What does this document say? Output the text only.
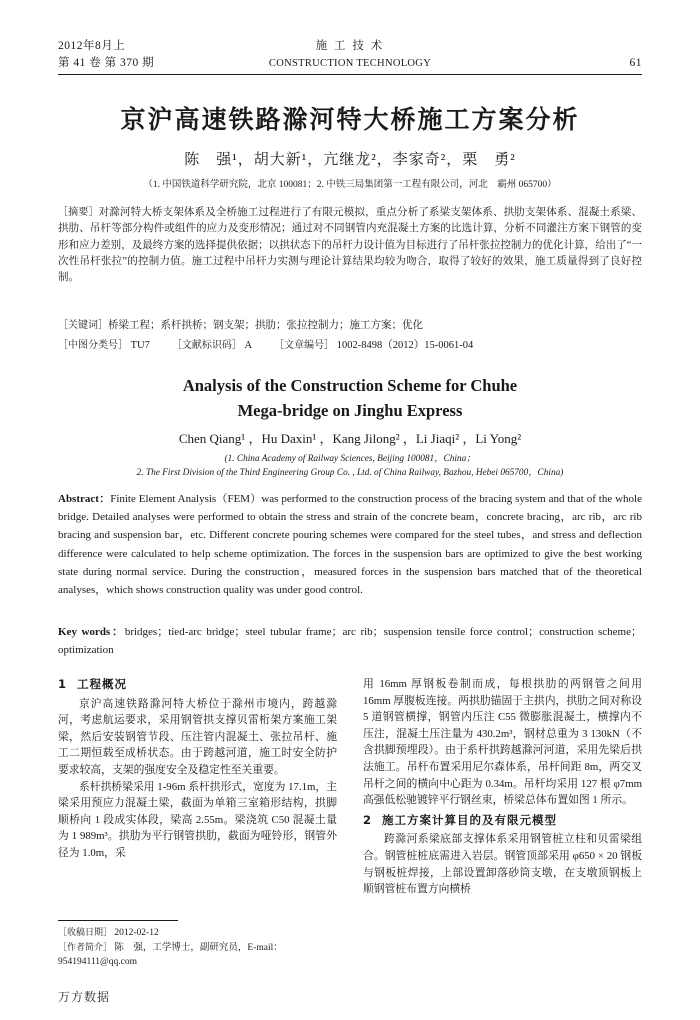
2012年8月上	施 工 技 术
第 41 卷 第 370 期	CONSTRUCTION TECHNOLOGY	61
京沪高速铁路滁河特大桥施工方案分析
陈　强¹，胡大新¹，亢继龙²，李家奇²，栗　勇²
（1. 中国铁道科学研究院，北京 100081；2. 中铁三局集团第一工程有限公司，河北　霸州 065700）

［摘要］对滁河特大桥支架体系及全桥施工过程进行了有限元模拟，重点分析了系梁支架体系、拱肋支架体系、混凝土系梁、拱肋、吊杆等部分构件或组件的应力及变形情况；通过对不同钢管内充混凝土方案的比选计算，分析不同灌注方案下钢管的变形和应力差别，及最终方案的选择提供依据；以拱状态下的吊杆力设计值为目标进行了吊杆张拉控制力的优化计算，给出了“一次性吊杆张拉”的控制力值。施工过程中吊杆力实测与理论计算结果均较为吻合，取得了较好的效果，施工质量得到了良好控制。

［关键词］桥梁工程；系杆拱桥；钢支架；拱肋；张拉控制力；施工方案；优化
［中图分类号］ TU7 ［文献标识码］ A ［文章编号］ 1002-8498（2012）15-0061-04
Analysis of the Construction Scheme for Chuhe
Mega-bridge on Jinghu Express
Chen Qiang¹ ，Hu Daxin¹ ，Kang Jilong² ，Li Jiaqi² ，Li Yong²
(1. China Academy of Railway Sciences, Beijing 100081，China；
2. The First Division of the Third Engineering Group Co. , Ltd. of China Railway, Bazhou, Hebei 065700，China)
Abstract：Finite Element Analysis（FEM）was performed to the construction process of the bracing system and that of the whole bridge. Detailed analyses were performed to obtain the stress and strain of the concrete beam，concrete bracing，arc rib，arc rib bracing and suspension bar，etc. Different concrete pouring schemes were compared for the steel tubes，and stress and deflection difference were calculated to help scheme optimization. The forces in the suspension bars are optimized to give the best working state during normal service. During the construction，measured forces in the suspension bars matched that of the theoretical analyses，which shows construction quality was under good control.
Key words：bridges；tied-arc bridge；steel tubular frame；arc rib；suspension tensile force control；construction scheme；optimization
1 工程概况

京沪高速铁路滁河特大桥位于滁州市境内，跨越滁河，考虑航运要求，采用钢管拱支撑贝雷桁架方案施工架梁，然后安装钢管节段、压注管内混凝土、张拉吊杆、施工二期恒载至成桥状态。由于跨越河道，施工时安全防护要求较高，支架的强度安全及稳定性至关重要。

系杆拱桥梁采用 1-96m 系杆拱形式，宽度为 17.1m，主梁采用预应力混凝土梁，截面为单箱三室箱形结构，拱脚顺桥向 1 段成实体段，梁高 2.55m。梁浇筑 C50 混凝土量为 1 989m³。拱肋为平行钢管拱肋，截面为哑铃形，钢管外径为 1.0m，采

用 16mm 厚钢板卷制而成，每根拱肋的两钢管之间用 16mm 厚腹板连接。两拱肋锚固于主拱内，拱肋之间对称设 5 道钢管横撑，钢管内压注 C55 微膨胀混凝土，横撑内不压注，混凝土压注量为 430.2m³，钢材总重为 3 130kN（不含拱脚预埋段）。由于系杆拱跨越滁河河道，采用先梁后拱法施工。吊杆布置采用尼尔森体系，吊杆间距 8m，两交叉吊杆之间的横向中心距为 0.34m。吊杆均采用 127 根 φ7mm 高强低松驰镀锌平行钢丝束，桥梁总体布置如图 1 所示。

2 施工方案计算目的及有限元模型

跨滁河系梁底部支撑体系采用钢管桩立柱和贝雷梁组合。钢管桩桩底需进入岩层。钢管顶部采用 φ650 × 20 钢板与钢板桩焊接，上部设置卸落砂筒支墩，在支墩顶钢板上顺钢管桩布置方向横桥

［收稿日期］ 2012-02-12
［作者简介］ 陈　强，工学博士，副研究员，E-mail：954194111@qq.com
万方数据
